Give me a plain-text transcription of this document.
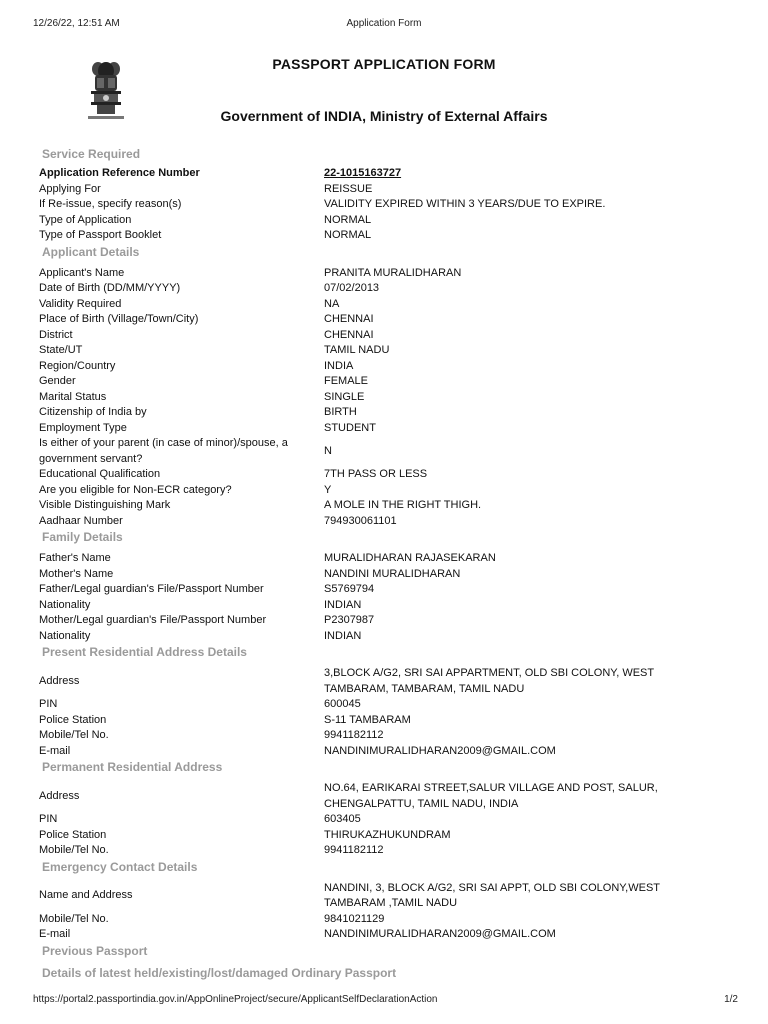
12/26/22, 12:51 AM	Application Form
PASSPORT APPLICATION FORM
Government of INDIA, Ministry of External Affairs
Service Required
Application Reference Number	22-1015163727
Applying For	REISSUE
If Re-issue, specify reason(s)	VALIDITY EXPIRED WITHIN 3 YEARS/DUE TO EXPIRE.
Type of Application	NORMAL
Type of Passport Booklet	NORMAL
Applicant Details
Applicant's Name	PRANITA MURALIDHARAN
Date of Birth (DD/MM/YYYY)	07/02/2013
Validity Required	NA
Place of Birth (Village/Town/City)	CHENNAI
District	CHENNAI
State/UT	TAMIL NADU
Region/Country	INDIA
Gender	FEMALE
Marital Status	SINGLE
Citizenship of India by	BIRTH
Employment Type	STUDENT
Is either of your parent (in case of minor)/spouse, a government servant?
N
Educational Qualification	7TH PASS OR LESS
Are you eligible for Non-ECR category?	Y
Visible Distinguishing Mark	A MOLE IN THE RIGHT THIGH.
Aadhaar Number	794930061101
Family Details
Father's Name	MURALIDHARAN RAJASEKARAN
Mother's Name	NANDINI MURALIDHARAN
Father/Legal guardian's File/Passport Number	S5769794
Nationality	INDIAN
Mother/Legal guardian's File/Passport Number	P2307987
Nationality	INDIAN
Present Residential Address Details
Address
3,BLOCK A/G2, SRI SAI APPARTMENT, OLD SBI COLONY, WEST TAMBARAM, TAMBARAM, TAMIL NADU
PIN	600045
Police Station	S-11 TAMBARAM
Mobile/Tel No.	9941182112
E-mail	NANDINIMURALIDHARAN2009@GMAIL.COM
Permanent Residential Address
Address
NO.64, EARIKARAI STREET,SALUR VILLAGE AND POST, SALUR, CHENGALPATTU, TAMIL NADU, INDIA
PIN	603405
Police Station	THIRUKAZHUKUNDRAM
Mobile/Tel No.	9941182112
Emergency Contact Details
Name and Address
NANDINI, 3, BLOCK A/G2, SRI SAI APPT, OLD SBI COLONY,WEST TAMBARAM ,TAMIL NADU
Mobile/Tel No.	9841021129
E-mail	NANDINIMURALIDHARAN2009@GMAIL.COM
Previous Passport
Details of latest held/existing/lost/damaged Ordinary Passport
https://portal2.passportindia.gov.in/AppOnlineProject/secure/ApplicantSelfDeclarationAction	1/2
